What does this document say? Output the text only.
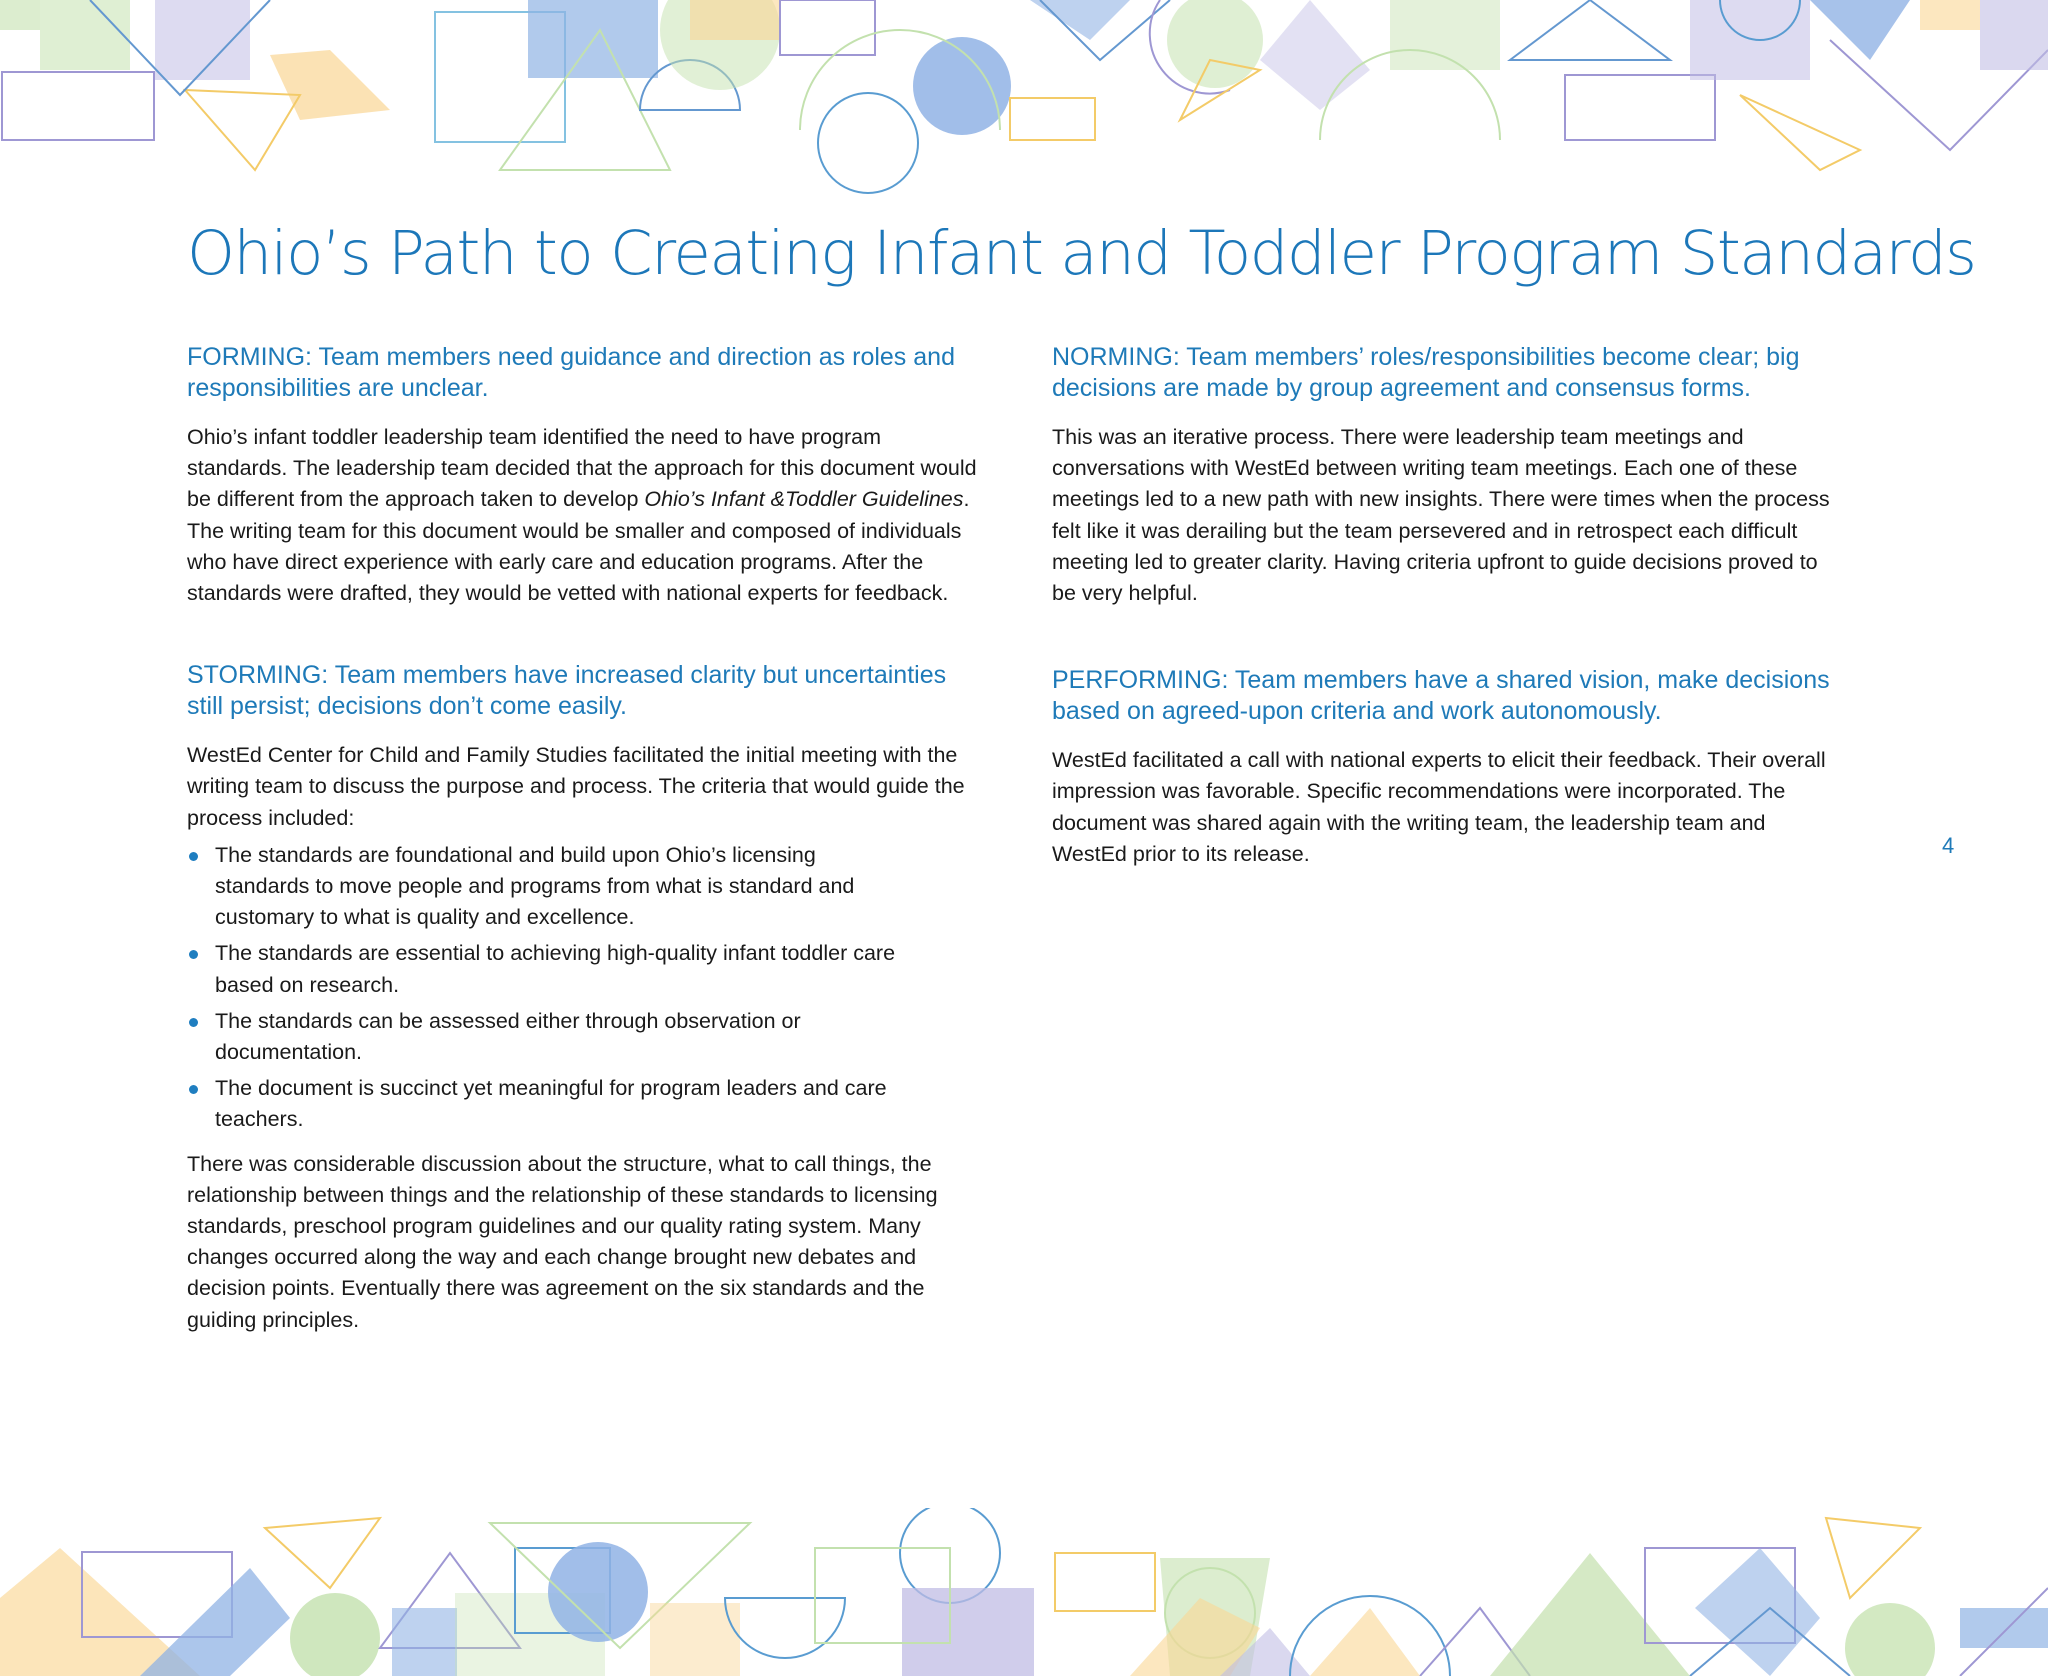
Ohio’s Path to Creating Infant and Toddler Program Standards
FORMING: Team members need guidance and direction as roles and responsibilities are unclear.

Ohio’s infant toddler leadership team identified the need to have program standards. The leadership team decided that the approach for this document would be different from the approach taken to develop Ohio’s Infant &Toddler Guidelines. The writing team for this document would be smaller and composed of individuals who have direct experience with early care and education programs. After the standards were drafted, they would be vetted with national experts for feedback.

STORMING: Team members have increased clarity but uncertainties still persist; decisions don’t come easily.

WestEd Center for Child and Family Studies facilitated the initial meeting with the writing team to discuss the purpose and process. The criteria that would guide the process included:

The standards are foundational and build upon Ohio’s licensing standards to move people and programs from what is standard and customary to what is quality and excellence.
The standards are essential to achieving high-quality infant toddler care based on research.
The standards can be assessed either through observation or documentation.
The document is succinct yet meaningful for program leaders and care teachers.

There was considerable discussion about the structure, what to call things, the relationship between things and the relationship of these standards to licensing standards, preschool program guidelines and our quality rating system. Many changes occurred along the way and each change brought new debates and decision points. Eventually there was agreement on the six standards and the guiding principles.

NORMING: Team members’ roles/responsibilities become clear; big decisions are made by group agreement and consensus forms.

This was an iterative process. There were leadership team meetings and conversations with WestEd between writing team meetings. Each one of these meetings led to a new path with new insights. There were times when the process felt like it was derailing but the team persevered and in retrospect each difficult meeting led to greater clarity. Having criteria upfront to guide decisions proved to be very helpful.

PERFORMING: Team members have a shared vision, make decisions based on agreed-upon criteria and work autonomously.

WestEd facilitated a call with national experts to elicit their feedback. Their overall impression was favorable. Specific recommendations were incorporated. The document was shared again with the writing team, the leadership team and WestEd prior to its release.	4
